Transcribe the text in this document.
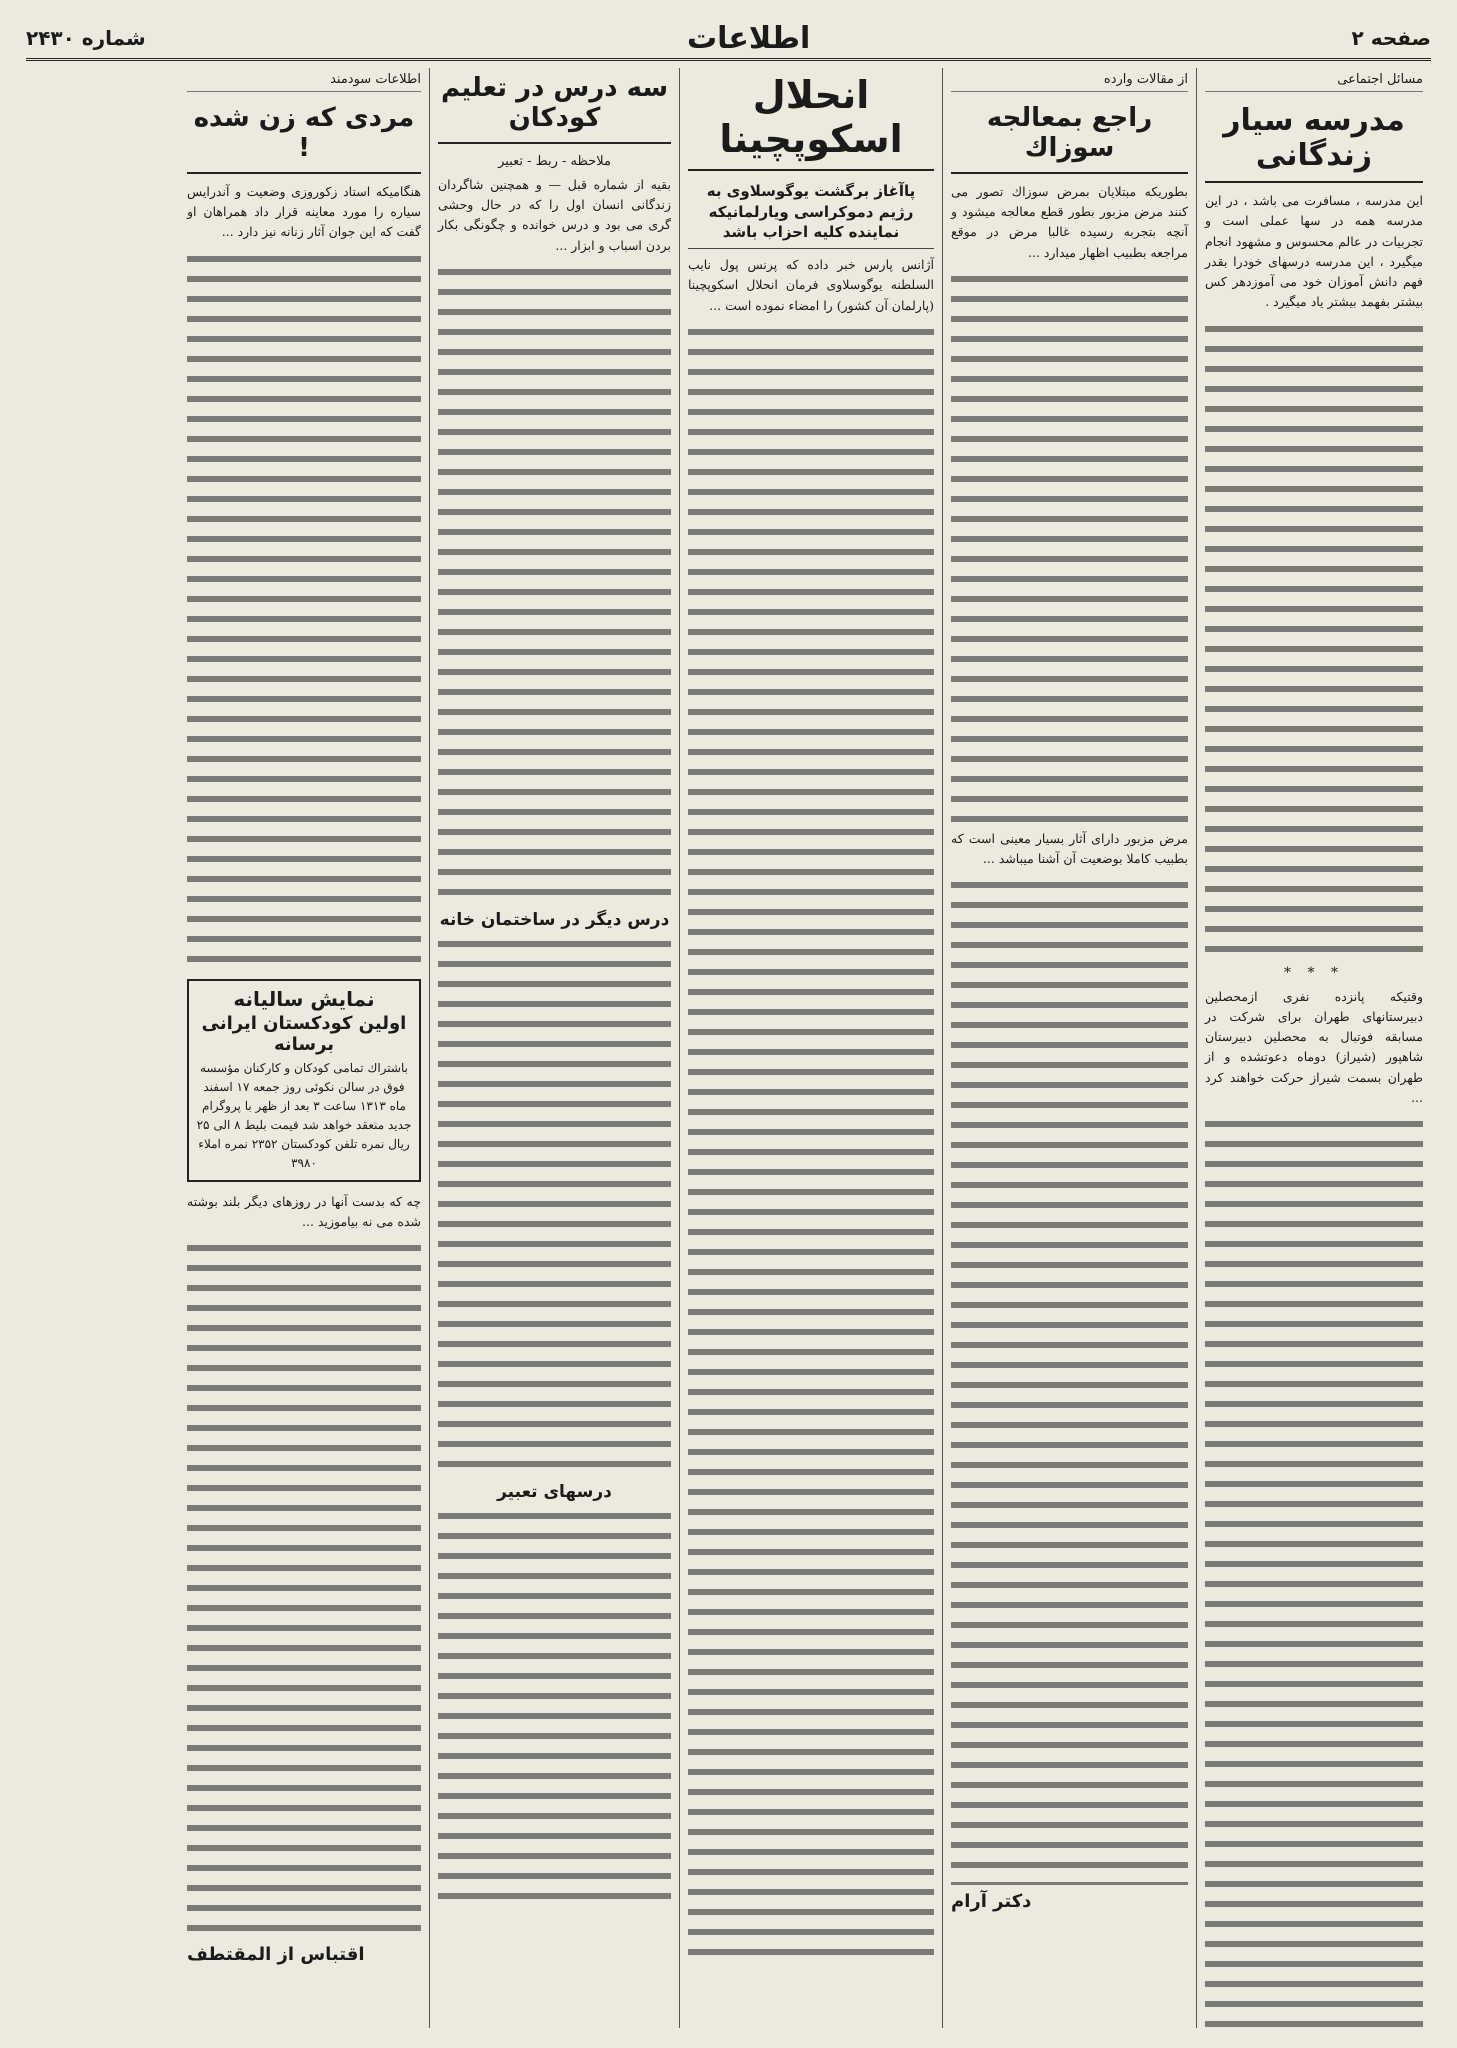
صفحه ۲
اطلاعات
شماره ۲۴۳۰
مسائل اجتماعی
مدرسه سیار زندگانی

این مدرسه ، مسافرت می باشد ، در این مدرسه همه در سها عملی است و تجربیات در عالم محسوس و مشهود انجام میگیرد ، این مدرسه درسهای خودرا بقدر فهم دانش آموزان خود می آموزدهر کس بیشتر بفهمد بیشتر یاد میگیرد .

* * *

وقتیکه پانزده نفری ازمحصلین دبیرستانهای طهران برای شرکت در مسابقه فوتبال به محصلین دبیرستان شاهپور (شیراز) دوماه دعوتشده و از طهران بسمت شیراز حرکت خواهند کرد ...

از مقالات وارده
راجع بمعالجه سوزاك

بطوریکه مبتلایان بمرض سوزاك تصور می کنند مرض مزبور بطور قطع معالجه میشود و آنچه بتجربه رسیده غالبا مرض در موقع مراجعه بطبیب اظهار میدارد ...

مرض مزبور دارای آثار بسیار معینی است که بطبیب کاملا بوضعیت آن آشنا میباشد ...

دکتر آرام
انحلال اسکوپچینا
پاآغاز برگشت یوگوسلاوی به رژیم دموکراسی ویارلمانیکه نماینده کلیه احزاب باشد

آژانس پارس خبر داده که پرنس پول نایب السلطنه یوگوسلاوی فرمان انحلال اسکوپچینا (پارلمان آن کشور) را امضاء نموده است ...

سه درس در تعلیم کودکان
ملاحظه - ربط - تعبیر

بقیه از شماره قبل — و همچنین شاگردان زندگانی انسان اول را که در حال وحشی گری می بود و درس خوانده و چگونگی بکار بردن اسباب و ابزار ...

درس دیگر در ساختمان خانه
درسهای تعبیر
اطلاعات سودمند
مردی که زن شده !

هنگامیکه استاد زکوروزی وضعیت و آندرایس سیاره را مورد معاینه قرار داد همراهان او گفت که این جوان آثار زنانه نیز دارد ...

نمایش سالیانه
اولین کودکستان ایرانی برسانه
باشتراك تمامی کودکان و کارکنان مؤسسه فوق در سالن نکوئی روز جمعه ۱۷ اسفند ماه ۱۳۱۳ ساعت ۳ بعد از ظهر با پروگرام جدید منعقد خواهد شد قیمت بلیط ۸ الی ۲۵ ریال نمره تلفن کودکستان ۲۳۵۲ نمره املاء ۳۹۸۰

چه که بدست آنها در روزهای دیگر بلند بوشته شده می نه بیاموزید ...

اقتباس از المقتطف
